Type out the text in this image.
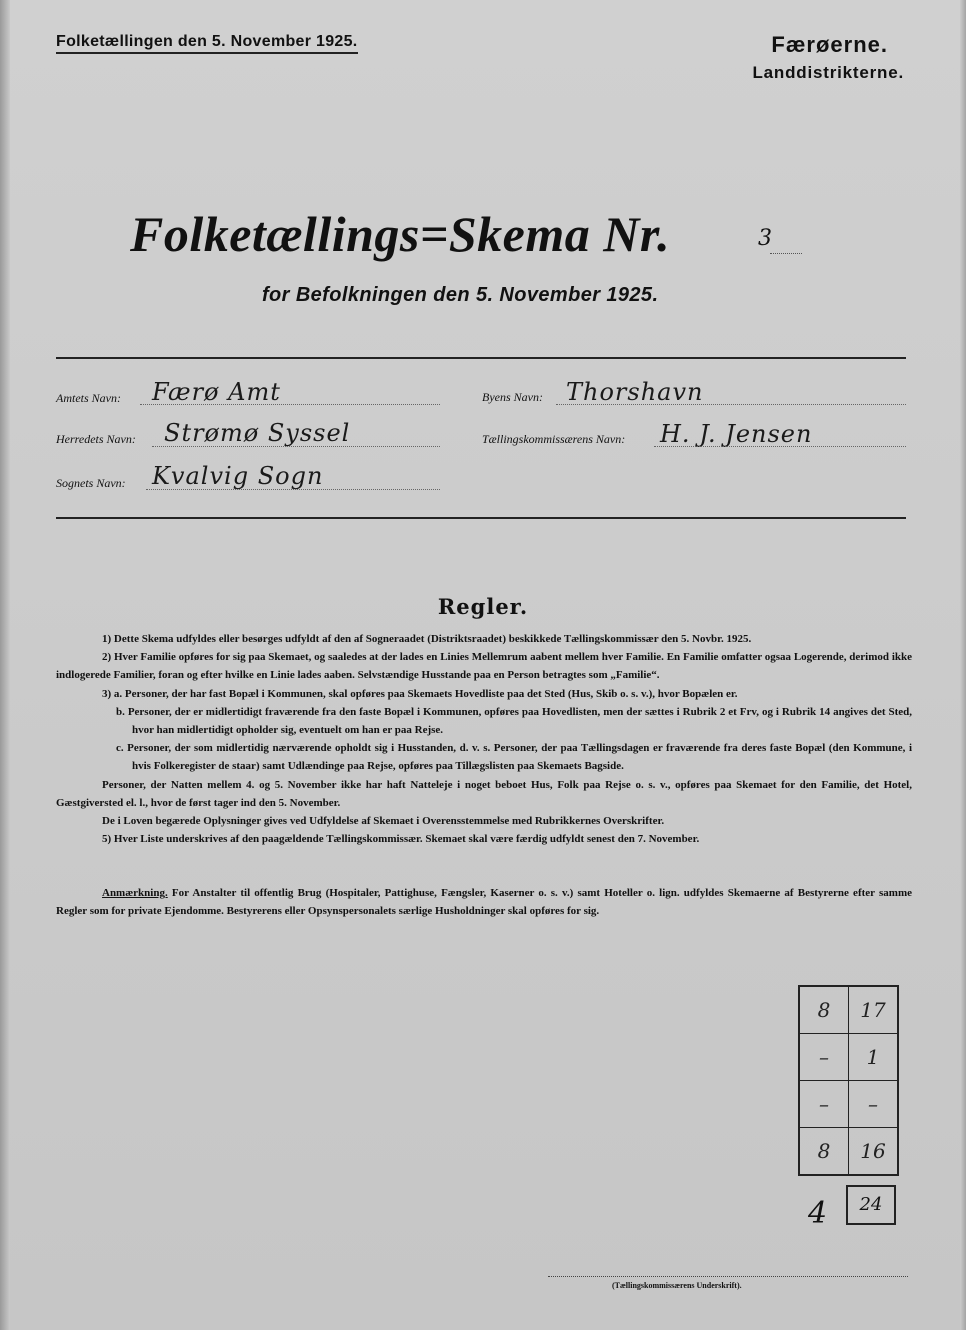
Folketællingen den 5. November 1925.	Færøerne.
Landdistrikterne.
Folketællings=Skema Nr.	3
for Befolkningen den 5. November 1925.
Amtets Navn: Færø Amt	Byens Navn: Thorshavn
Herredets Navn: Strømø Syssel	Tællingskommissærens Navn: H. J. Jensen
Sognets Navn: Kvalvig Sogn
Regler.

1) Dette Skema udfyldes eller besørges udfyldt af den af Sogneraadet (Distriktsraadet) beskikkede Tællingskommissær den 5. Novbr. 1925.

2) Hver Familie opføres for sig paa Skemaet, og saaledes at der lades en Linies Mellemrum aabent mellem hver Familie. En Familie omfatter ogsaa Logerende, derimod ikke indlogerede Familier, foran og efter hvilke en Linie lades aaben. Selvstændige Husstande paa en Person betragtes som „Familie“.

3) a. Personer, der har fast Bopæl i Kommunen, skal opføres paa Skemaets Hovedliste paa det Sted (Hus, Skib o. s. v.), hvor Bopælen er.

b. Personer, der er midlertidigt fraværende fra den faste Bopæl i Kommunen, opføres paa Hovedlisten, men der sættes i Rubrik 2 et Frv, og i Rubrik 14 angives det Sted, hvor han midlertidigt opholder sig, eventuelt om han er paa Rejse.

c. Personer, der som midlertidig nærværende opholdt sig i Husstanden, d. v. s. Personer, der paa Tællingsdagen er fraværende fra deres faste Bopæl (den Kommune, i hvis Folkeregister de staar) samt Udlændinge paa Rejse, opføres paa Tillægslisten paa Skemaets Bagside.

Personer, der Natten mellem 4. og 5. November ikke har haft Natteleje i noget beboet Hus, Folk paa Rejse o. s. v., opføres paa Skemaet for den Familie, det Hotel, Gæstgiversted el. l., hvor de først tager ind den 5. November.

De i Loven begærede Oplysninger gives ved Udfyldelse af Skemaet i Overensstemmelse med Rubrikkernes Overskrifter.

5) Hver Liste underskrives af den paagældende Tællingskommissær. Skemaet skal være færdig udfyldt senest den 7. November.

Anmærkning. For Anstalter til offentlig Brug (Hospitaler, Pattighuse, Fængsler, Kaserner o. s. v.) samt Hoteller o. lign. udfyldes Skemaerne af Bestyrerne efter samme Regler som for private Ejendomme. Bestyrerens eller Opsynspersonalets særlige Husholdninger skal opføres for sig.
8	17
–	1
–	–
8	16
4	24
(Tællingskommissærens Underskrift).
